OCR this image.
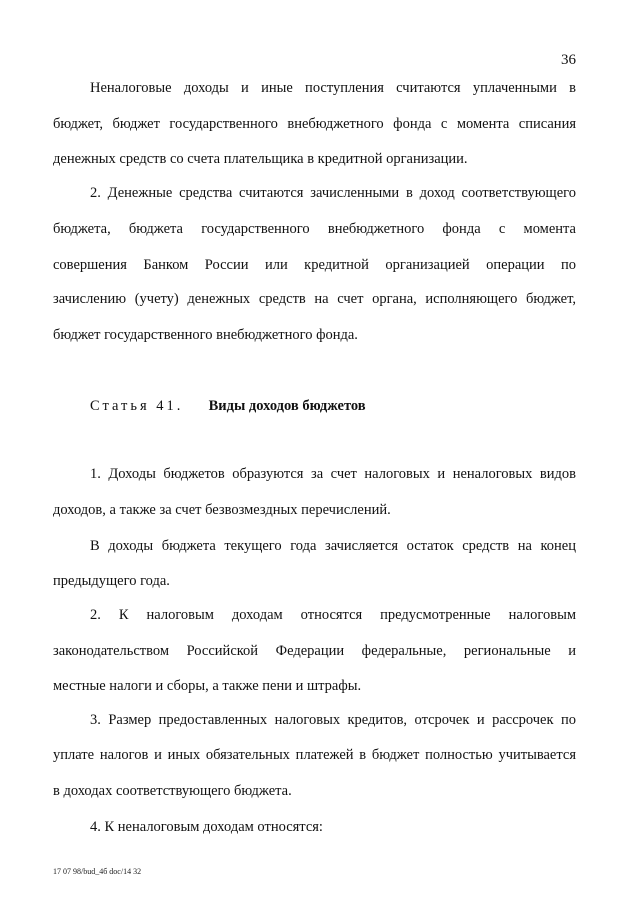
36

Неналоговые доходы и иные поступления считаются уплаченными в

бюджет, бюджет государственного внебюджетного фонда с момента списания

денежных средств со счета плательщика в кредитной организации.

2. Денежные средства считаются зачисленными в доход соответствующего

бюджета, бюджета государственного внебюджетного фонда с момента

совершения Банком России или кредитной организацией операции по

зачислению (учету) денежных средств на счет органа, исполняющего бюджет,

бюджет государственного внебюджетного фонда.

1. Доходы бюджетов образуются за счет налоговых и неналоговых видов

доходов, а также за счет безвозмездных перечислений.

В доходы бюджета текущего года зачисляется остаток средств на конец

предыдущего года.

2. К налоговым доходам относятся предусмотренные налоговым

законодательством Российской Федерации федеральные, региональные и

местные налоги и сборы, а также пени и штрафы.

3. Размер предоставленных налоговых кредитов, отсрочек и рассрочек по

уплате налогов и иных обязательных платежей в бюджет полностью учитывается

в доходах соответствующего бюджета.

4. К неналоговым доходам относятся:

Статья 41. Виды доходов бюджетов
17 07 98/bud_4б doc/14 32
